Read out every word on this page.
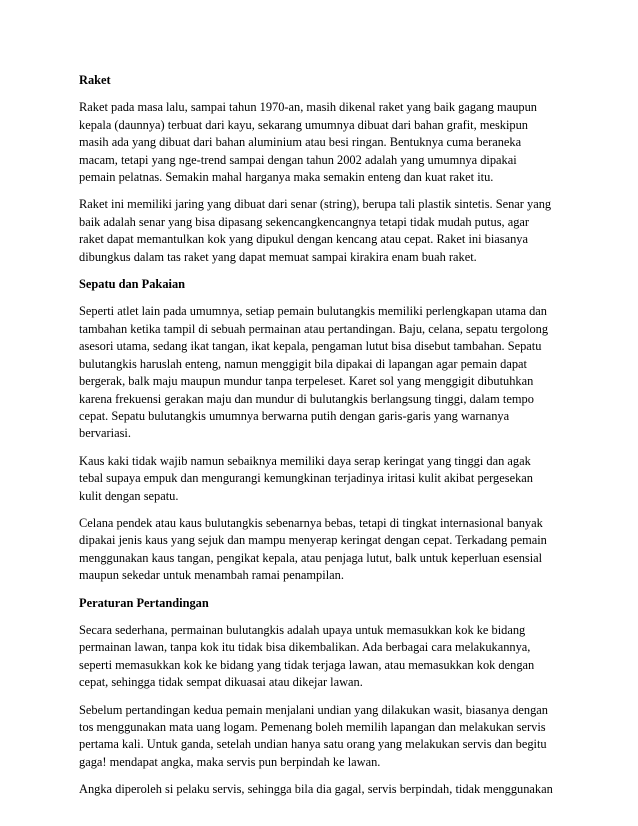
Raket

Raket pada masa lalu, sampai tahun 1970-an, masih dikenal raket yang baik gagang maupun kepala (daunnya) terbuat dari kayu, sekarang umumnya dibuat dari bahan grafit, meskipun masih ada yang dibuat dari bahan aluminium atau besi ringan. Bentuknya cuma beraneka macam, tetapi yang nge-trend sampai dengan tahun 2002 adalah yang umumnya dipakai pemain pelatnas. Semakin mahal harganya maka semakin enteng dan kuat raket itu.

Raket ini memiliki jaring yang dibuat dari senar (string), berupa tali plastik sintetis. Senar yang baik adalah senar yang bisa dipasang sekencangkencangnya tetapi tidak mudah putus, agar raket dapat memantulkan kok yang dipukul dengan kencang atau cepat. Raket ini biasanya dibungkus dalam tas raket yang dapat memuat sampai kirakira enam buah raket.

Sepatu dan Pakaian

Seperti atlet lain pada umumnya, setiap pemain bulutangkis memiliki perlengkapan utama dan tambahan ketika tampil di sebuah permainan atau pertandingan. Baju, celana, sepatu tergolong asesori utama, sedang ikat tangan, ikat kepala, pengaman lutut bisa disebut tambahan. Sepatu bulutangkis haruslah enteng, namun menggigit bila dipakai di lapangan agar pemain dapat bergerak, balk maju maupun mundur tanpa terpeleset. Karet sol yang menggigit dibutuhkan karena frekuensi gerakan maju dan mundur di bulutangkis berlangsung tinggi, dalam tempo cepat. Sepatu bulutangkis umumnya berwarna putih dengan garis-garis yang warnanya bervariasi.

Kaus kaki tidak wajib namun sebaiknya memiliki daya serap keringat yang tinggi dan agak tebal supaya empuk dan mengurangi kemungkinan terjadinya iritasi kulit akibat pergesekan kulit dengan sepatu.

Celana pendek atau kaus bulutangkis sebenarnya bebas, tetapi di tingkat internasional banyak dipakai jenis kaus yang sejuk dan mampu menyerap keringat dengan cepat. Terkadang pemain menggunakan kaus tangan, pengikat kepala, atau penjaga lutut, balk untuk keperluan esensial maupun sekedar untuk menambah ramai penampilan.

Peraturan Pertandingan

Secara sederhana, permainan bulutangkis adalah upaya untuk memasukkan kok ke bidang permainan lawan, tanpa kok itu tidak bisa dikembalikan. Ada berbagai cara melakukannya, seperti memasukkan kok ke bidang yang tidak terjaga lawan, atau memasukkan kok dengan cepat, sehingga tidak sempat dikuasai atau dikejar lawan.

Sebelum pertandingan kedua pemain menjalani undian yang dilakukan wasit, biasanya dengan tos menggunakan mata uang logam. Pemenang boleh memilih lapangan dan melakukan servis pertama kali. Untuk ganda, setelah undian hanya satu orang yang melakukan servis dan begitu gaga! mendapat angka, maka servis pun berpindah ke lawan.

Angka diperoleh si pelaku servis, sehingga bila dia gagal, servis berpindah, tidak menggunakan
